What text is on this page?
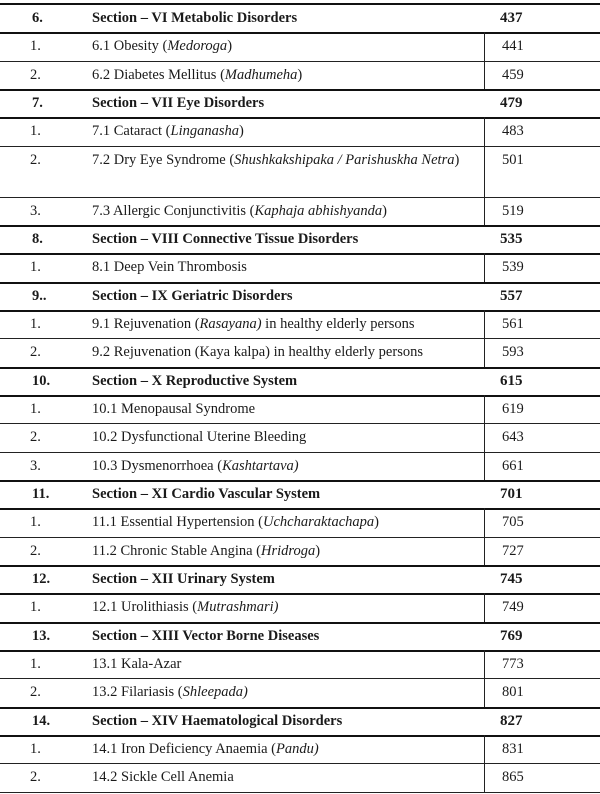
6.	Section – VI Metabolic Disorders	437
1.	6.1 Obesity (Medoroga)	441
2.	6.2 Diabetes Mellitus (Madhumeha)	459
7.	Section – VII Eye Disorders	479
1.	7.1 Cataract (Linganasha)	483
2.	7.2 Dry Eye Syndrome (Shushkakshipaka / Parishuskha Netra)	501
3.	7.3 Allergic Conjunctivitis (Kaphaja abhishyanda)	519
8.	Section – VIII Connective Tissue Disorders	535
1.	8.1 Deep Vein Thrombosis	539
9..	Section – IX Geriatric Disorders	557
1.	9.1 Rejuvenation (Rasayana) in healthy elderly persons	561
2.	9.2 Rejuvenation (Kaya kalpa) in healthy elderly persons	593
10.	Section – X Reproductive System	615
1.	10.1 Menopausal Syndrome	619
2.	10.2 Dysfunctional Uterine Bleeding	643
3.	10.3 Dysmenorrhoea (Kashtartava)	661
11.	Section – XI Cardio Vascular System	701
1.	11.1 Essential Hypertension (Uchcharaktachapa)	705
2.	11.2 Chronic Stable Angina (Hridroga)	727
12.	Section – XII Urinary System	745
1.	12.1 Urolithiasis (Mutrashmari)	749
13.	Section – XIII Vector Borne Diseases	769
1.	13.1 Kala-Azar	773
2.	13.2 Filariasis (Shleepada)	801
14.	Section – XIV Haematological Disorders	827
1.	14.1 Iron Deficiency Anaemia (Pandu)	831
2.	14.2 Sickle Cell Anemia	865
